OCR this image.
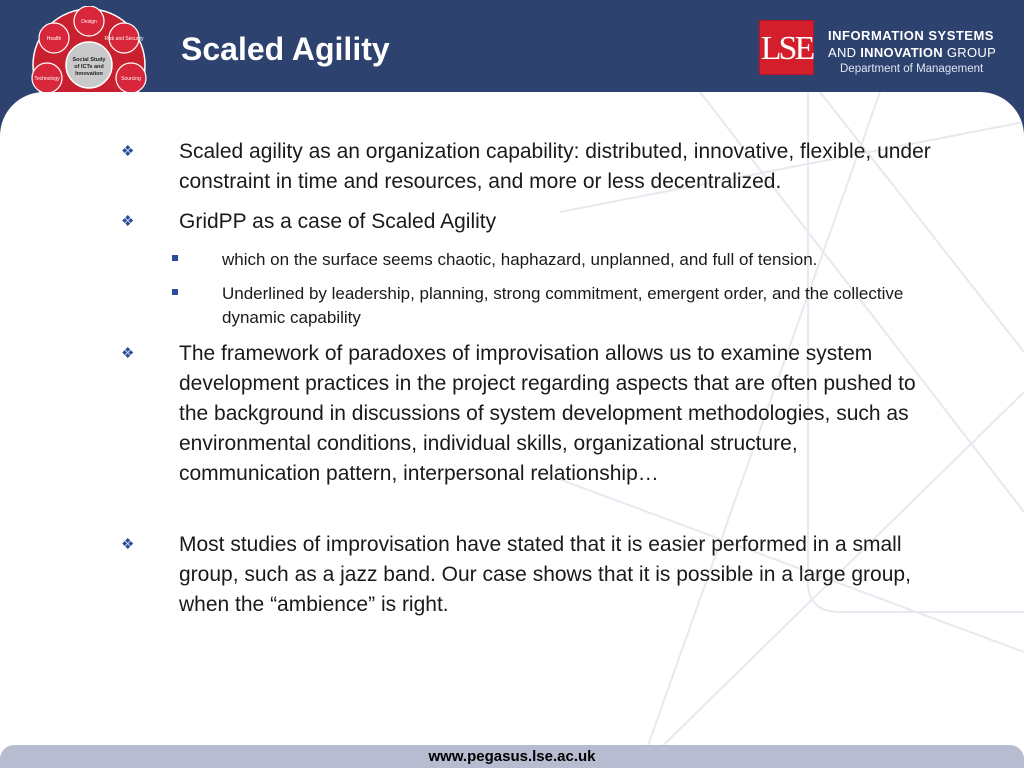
Design
Risk and Security
Sourcing
Technology
Health
Social Study
of ICTs and
Innovation
Scaled Agility	LSE INFORMATION SYSTEMS
AND INNOVATION GROUP
Department of Management
❖ Scaled agility as an organization capability: distributed, innovative, flexible, under constraint in time and resources, and more or less decentralized.
❖ GridPP as a case of Scaled Agility
which on the surface seems chaotic, haphazard, unplanned, and full of tension.
Underlined by leadership, planning, strong commitment, emergent order, and the collective dynamic capability
❖ The framework of paradoxes of improvisation allows us to examine system development practices in the project regarding aspects that are often pushed to the background in discussions of system development methodologies, such as environmental conditions, individual skills, organizational structure, communication pattern, interpersonal relationship…
❖ Most studies of improvisation have stated that it is easier performed in a small group, such as a jazz band. Our case shows that it is possible in a large group, when the “ambience” is right.
www.pegasus.lse.ac.uk
